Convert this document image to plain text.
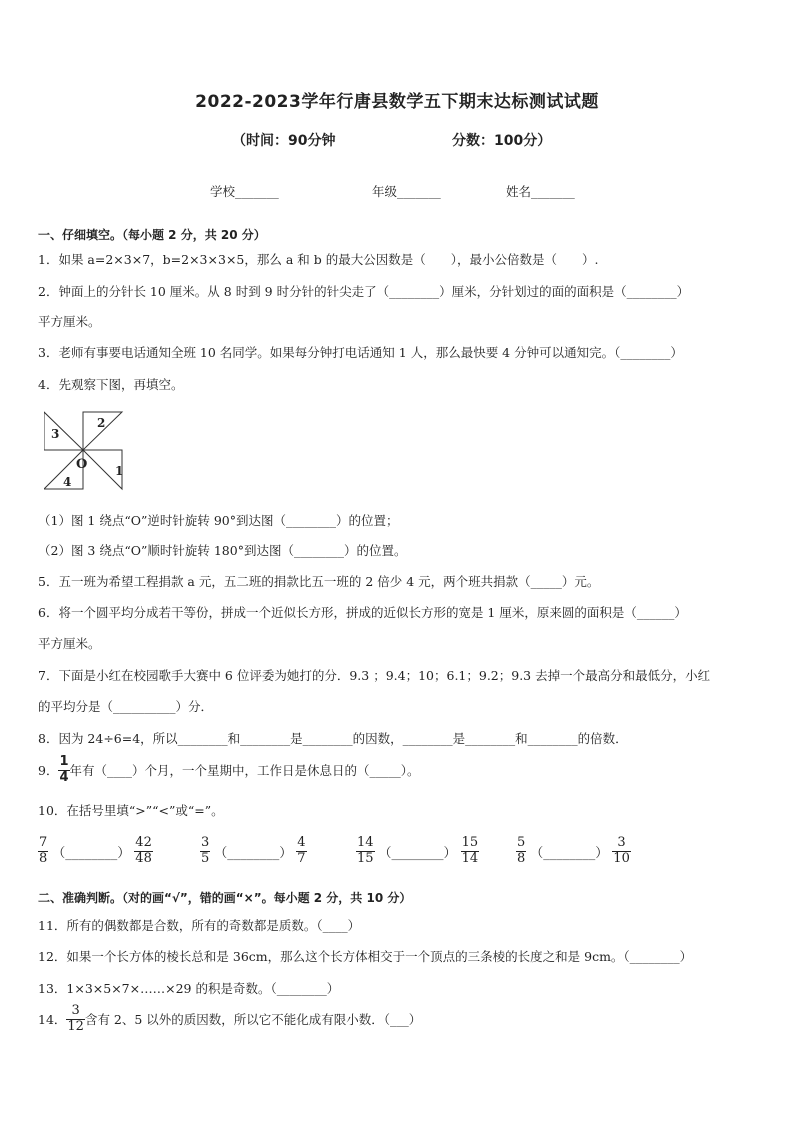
2022-2023学年行唐县数学五下期末达标测试试题
（时间：90分钟	分数：100分）
学校_______	年级_______	姓名_______
一、仔细填空。（每小题 2 分，共 20 分）
1．如果 a=2×3×7，b=2×3×3×5，那么 a 和 b 的最大公因数是（　　），最小公倍数是（　　）.
2．钟面上的分针长 10 厘米。从 8 时到 9 时分针的针尖走了（________）厘米，分针划过的面的面积是（________）
平方厘米。
3．老师有事要电话通知全班 10 名同学。如果每分钟打电话通知 1 人，那么最快要 4 分钟可以通知完。（________）
4．先观察下图，再填空。
1
2
3
4
O
（1）图 1 绕点“O”逆时针旋转 90°到达图（________）的位置；
（2）图 3 绕点“O”顺时针旋转 180°到达图（________）的位置。
5．五一班为希望工程捐款 a 元，五二班的捐款比五一班的 2 倍少 4 元，两个班共捐款（_____）元。
6．将一个圆平均分成若干等份，拼成一个近似长方形，拼成的近似长方形的宽是 1 厘米，原来圆的面积是（______）
平方厘米。
7．下面是小红在校园歌手大赛中 6 位评委为她打的分．9.3 ；9.4；10；6.1；9.2；9.3 去掉一个最高分和最低分，小红
的平均分是（__________）分．
8．因为 24÷6=4，所以________和________是________的因数，________是________和________的倍数．
9． $\frac{1}{4}$ 年有（____）个月，一个星期中，工作日是休息日的（_____）。
10．在括号里填“>”“<”或“=”。
$\frac{7}{8}$ （________） $\frac{42}{48}$	$\frac{3}{5}$ （________） $\frac{4}{7}$	$\frac{14}{15}$ （________） $\frac{15}{14}$	$\frac{5}{8}$ （________） $\frac{3}{10}$
二、准确判断。（对的画“√”，错的画“×”。每小题 2 分，共 10 分）
11．所有的偶数都是合数，所有的奇数都是质数。（____）
12．如果一个长方体的棱长总和是 36cm，那么这个长方体相交于一个顶点的三条棱的长度之和是 9cm。（________）
13．1×3×5×7×……×29 的积是奇数。（________）
14． $\frac{3}{12}$ 含有 2、5 以外的质因数，所以它不能化成有限小数．（___）
